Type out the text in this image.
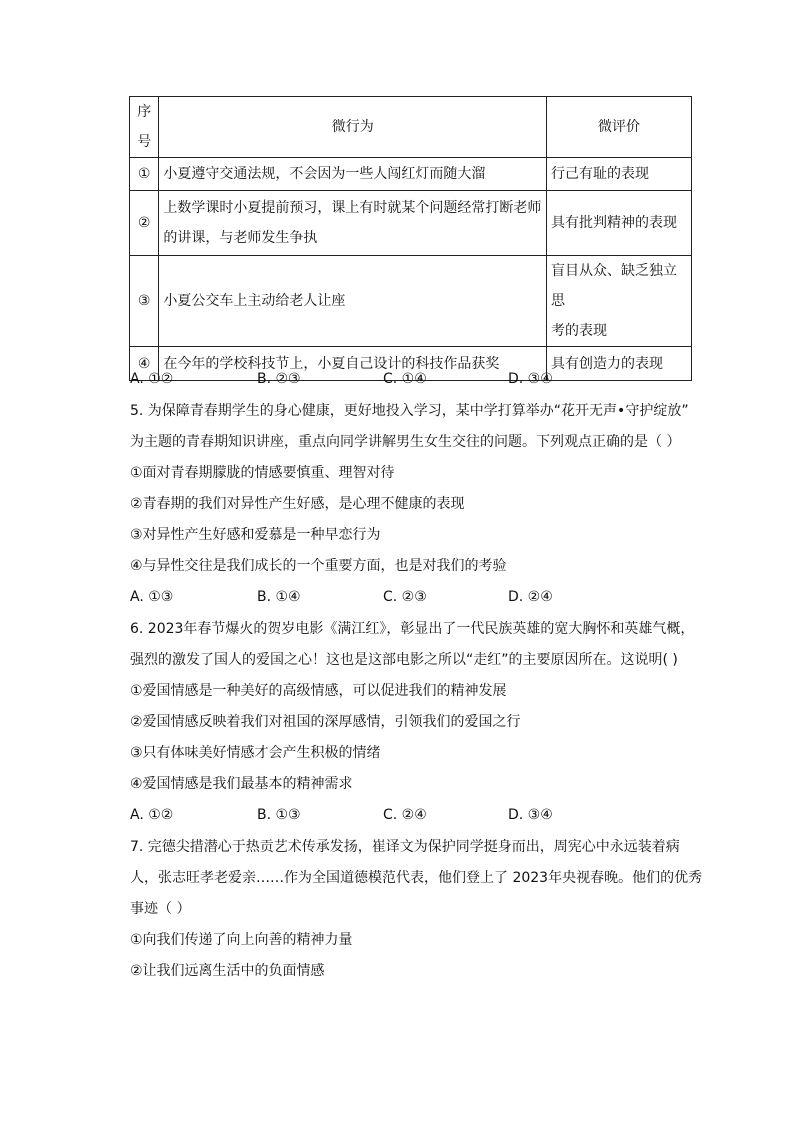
序号	微行为	微评价
①	小夏遵守交通法规，不会因为一些人闯红灯而随大溜	行己有耻的表现
②	上数学课时小夏提前预习，课上有时就某个问题经常打断老师
的讲课，与老师发生争执	具有批判精神的表现
③	小夏公交车上主动给老人让座	盲目从众、缺乏独立思
考的表现

④	在今年的学校科技节上，小夏自己设计的科技作品获奖	具有创造力的表现
A. ①②	B. ②③	C. ①④	D. ③④
5. 为保障青春期学生的身心健康，更好地投入学习，某中学打算举办“花开无声•守护绽放”
为主题的青春期知识讲座，重点向同学讲解男生女生交往的问题。下列观点正确的是（ ）
①面对青春期朦胧的情感要慎重、理智对待
②青春期的我们对异性产生好感，是心理不健康的表现
③对异性产生好感和爱慕是一种早恋行为
④与异性交往是我们成长的一个重要方面，也是对我们的考验
A. ①③	B. ①④	C. ②③	D. ②④
6. 2023年春节爆火的贺岁电影《满江红》，彰显出了一代民族英雄的宽大胸怀和英雄气概，
强烈的激发了国人的爱国之心！这也是这部电影之所以“走红”的主要原因所在。这说明( )
①爱国情感是一种美好的高级情感，可以促进我们的精神发展
②爱国情感反映着我们对祖国的深厚感情，引领我们的爱国之行
③只有体味美好情感才会产生积极的情绪
④爱国情感是我们最基本的精神需求
A. ①②	B. ①③	C. ②④	D. ③④
7. 完德尖措潜心于热贡艺术传承发扬，崔译文为保护同学挺身而出，周宪心中永远装着病
人，张志旺孝老爱亲……作为全国道德模范代表，他们登上了 2023年央视春晚。他们的优秀
事迹（ ）
①向我们传递了向上向善的精神力量
②让我们远离生活中的负面情感
